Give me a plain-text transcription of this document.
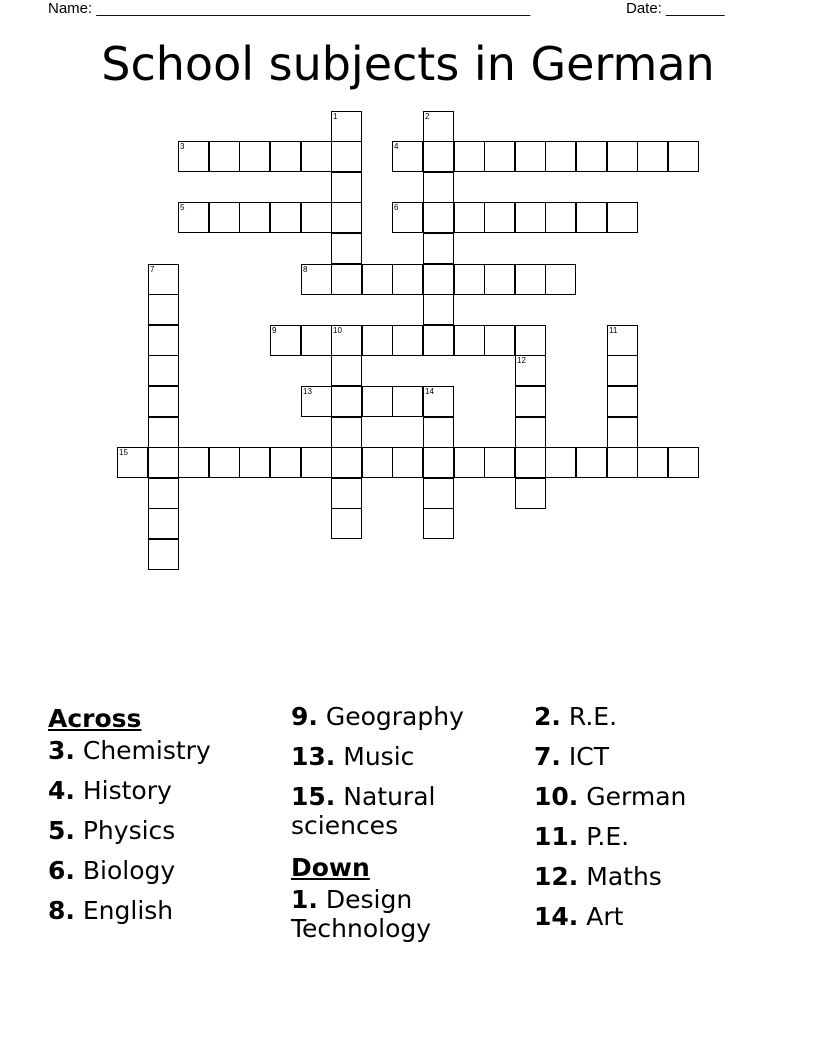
Name: ____________________________________________________	Date: _______
School subjects in German
1	2
3	4
5	6
7	8
9	10	11
12
13	14
15
Across
3. Chemistry
4. History
5. Physics
6. Biology
8. English
9. Geography
13. Music
15. Natural sciences
Down
1. Design Technology
2. R.E.
7. ICT
10. German
11. P.E.
12. Maths
14. Art
